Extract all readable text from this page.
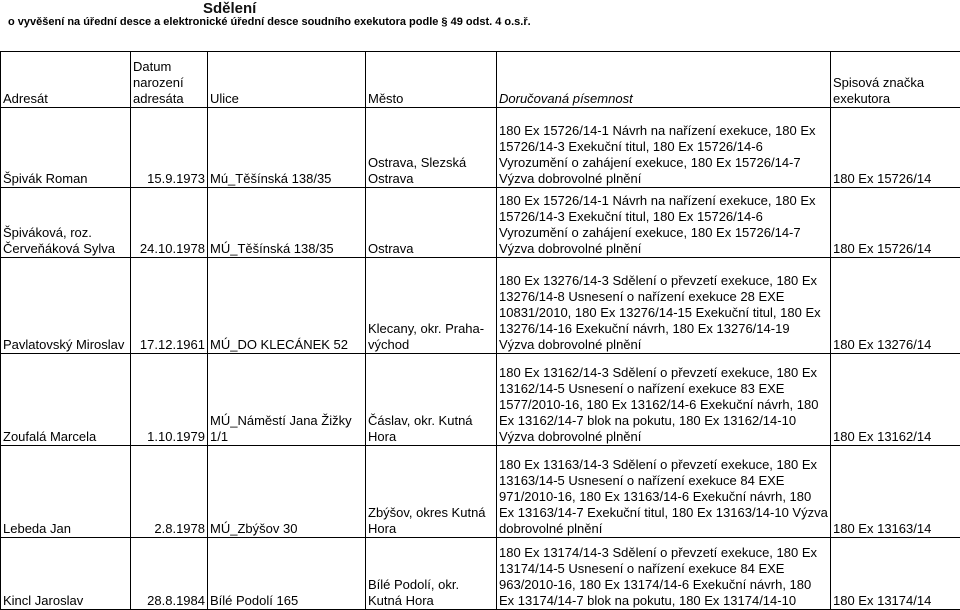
Sdělení
o vyvěšení na úřední desce a elektronické úřední desce soudního exekutora podle § 49 odst. 4 o.s.ř.
Adresát	Datum narození adresáta	Ulice	Město	Doručovaná písemnost	Spisová značka exekutora
Špivák Roman	15.9.1973	Mú_Těšínská 138/35	Ostrava, Slezská Ostrava	180 Ex 15726/14-1 Návrh na nařízení exekuce, 180 Ex 15726/14-3 Exekuční titul, 180 Ex 15726/14-6 Vyrozumění o zahájení exekuce, 180 Ex 15726/14-7 Výzva dobrovolné plnění	180 Ex 15726/14
Špiváková, roz. Červeňáková Sylva	24.10.1978	MÚ_Těšínská 138/35	Ostrava	180 Ex 15726/14-1 Návrh na nařízení exekuce, 180 Ex 15726/14-3 Exekuční titul, 180 Ex 15726/14-6 Vyrozumění o zahájení exekuce, 180 Ex 15726/14-7 Výzva dobrovolné plnění	180 Ex 15726/14
Pavlatovský Miroslav	17.12.1961	MÚ_DO KLECÁNEK 52	Klecany, okr. Praha-východ	180 Ex 13276/14-3 Sdělení o převzetí exekuce, 180 Ex 13276/14-8 Usnesení o nařízení exekuce 28 EXE 10831/2010, 180 Ex 13276/14-15 Exekuční titul, 180 Ex 13276/14-16 Exekuční návrh, 180 Ex 13276/14-19 Výzva dobrovolné plnění	180 Ex 13276/14
Zoufalá Marcela	1.10.1979	MÚ_Náměstí Jana Žižky 1/1	Čáslav, okr. Kutná Hora	180 Ex 13162/14-3 Sdělení o převzetí exekuce, 180 Ex 13162/14-5 Usnesení o nařízení exekuce 83 EXE 1577/2010-16, 180 Ex 13162/14-6 Exekuční návrh, 180 Ex 13162/14-7 blok na pokutu, 180 Ex 13162/14-10 Výzva dobrovolné plnění	180 Ex 13162/14
Lebeda Jan	2.8.1978	MÚ_Zbýšov 30	Zbýšov, okres Kutná Hora	180 Ex 13163/14-3 Sdělení o převzetí exekuce, 180 Ex 13163/14-5 Usnesení o nařízení exekuce 84 EXE 971/2010-16, 180 Ex 13163/14-6 Exekuční návrh, 180 Ex 13163/14-7 Exekuční titul, 180 Ex 13163/14-10 Výzva dobrovolné plnění	180 Ex 13163/14
Kincl Jaroslav	28.8.1984	Bílé Podolí 165	Bílé Podolí, okr. Kutná Hora	180 Ex 13174/14-3 Sdělení o převzetí exekuce, 180 Ex 13174/14-5 Usnesení o nařízení exekuce 84 EXE 963/2010-16, 180 Ex 13174/14-6 Exekuční návrh, 180 Ex 13174/14-7 blok na pokutu, 180 Ex 13174/14-10	180 Ex 13174/14
